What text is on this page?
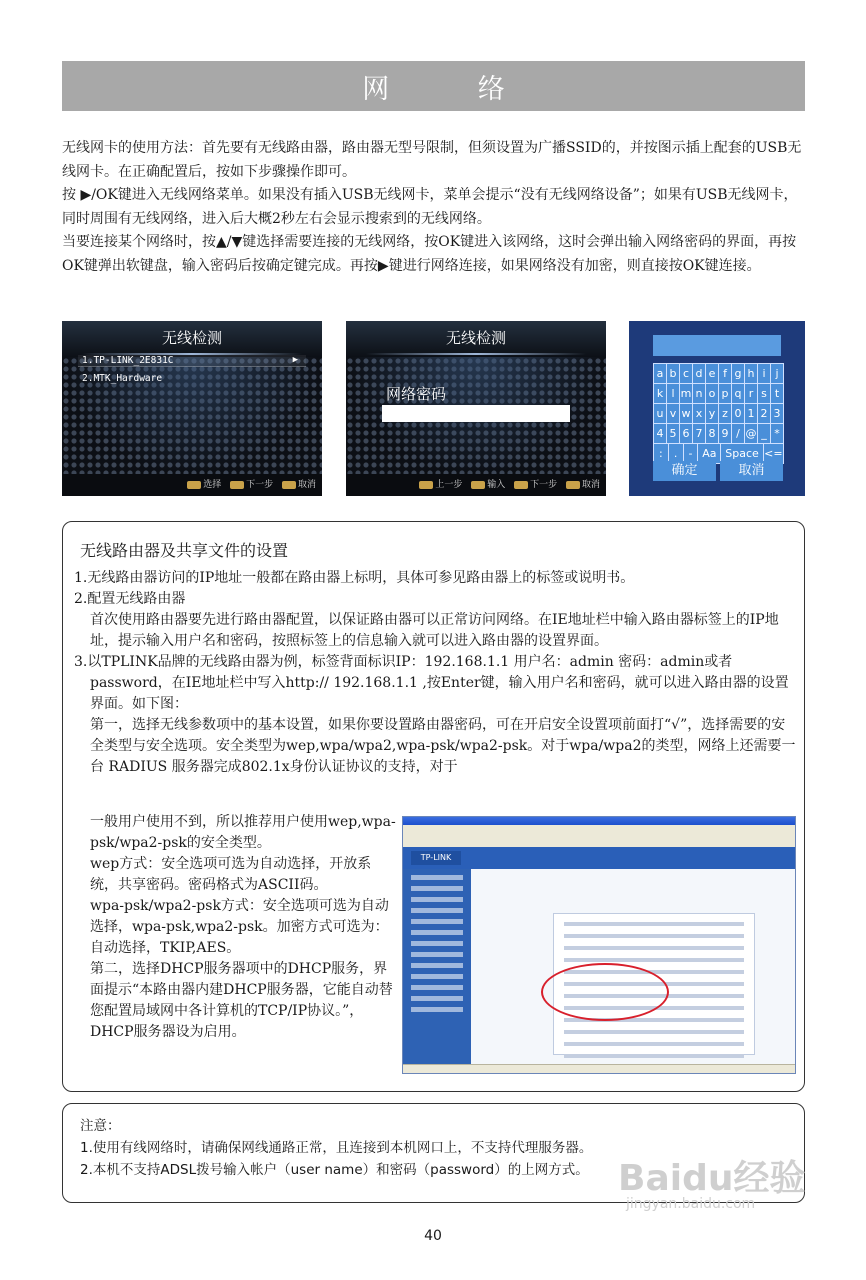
网 络

无线网卡的使用方法：首先要有无线路由器，路由器无型号限制，但须设置为广播SSID的，并按图示插上配套的USB无线网卡。在正确配置后，按如下步骤操作即可。

按 ▶/OK键进入无线网络菜单。如果没有插入USB无线网卡，菜单会提示“没有无线网络设备”；如果有USB无线网卡，同时周围有无线网络，进入后大概2秒左右会显示搜索到的无线网络。

当要连接某个网络时，按▲/▼键选择需要连接的无线网络，按OK键进入该网络，这时会弹出输入网络密码的界面，再按OK键弹出软键盘，输入密码后按确定键完成。再按▶键进行网络连接，如果网络没有加密，则直接按OK键连接。

无线检测
1.TP-LINK_2E831C	▶
2.MTK_Hardware
选择	下一步	取消
无线检测
网络密码
上一步	输入	下一步	取消
a b c d e f g h i j
k l m n o p q r s t
u v w x y z 0 1 2 3
4 5 6 7 8 9 / @ _ *
:	.	- Aa Space <=
确定	取消
无线路由器及共享文件的设置

1.无线路由器访问的IP地址一般都在路由器上标明，具体可参见路由器上的标签或说明书。

2.配置无线路由器

首次使用路由器要先进行路由器配置，以保证路由器可以正常访问网络。在IE地址栏中输入路由器标签上的IP地址，提示输入用户名和密码，按照标签上的信息输入就可以进入路由器的设置界面。

3.以TPLINK品牌的无线路由器为例，标签背面标识IP：192.168.1.1 用户名：admin 密码：admin或者password，在IE地址栏中写入http:// 192.168.1.1 ,按Enter键，输入用户名和密码，就可以进入路由器的设置界面。如下图：

第一，选择无线参数项中的基本设置，如果你要设置路由器密码，可在开启安全设置项前面打“√”，选择需要的安全类型与安全选项。安全类型为wep,wpa/wpa2,wpa-psk/wpa2-psk。对于wpa/wpa2的类型，网络上还需要一台 RADIUS 服务器完成802.1x身份认证协议的支持，对于

一般用户使用不到，所以推荐用户使用wep,wpa-psk/wpa2-psk的安全类型。

wep方式：安全选项可选为自动选择，开放系统，共享密码。密码格式为ASCII码。

wpa-psk/wpa2-psk方式：安全选项可选为自动选择，wpa-psk,wpa2-psk。加密方式可选为：自动选择，TKIP,AES。

第二，选择DHCP服务器项中的DHCP服务，界面提示“本路由器内建DHCP服务器，它能自动替您配置局域网中各计算机的TCP/IP协议。”，DHCP服务器设为启用。

TP-LINK

注意：

1.使用有线网络时，请确保网线通路正常，且连接到本机网口上，不支持代理服务器。

2.本机不支持ADSL拨号输入帐户（user name）和密码（password）的上网方式。 Baidu经验
jingyan.baidu.com
40
